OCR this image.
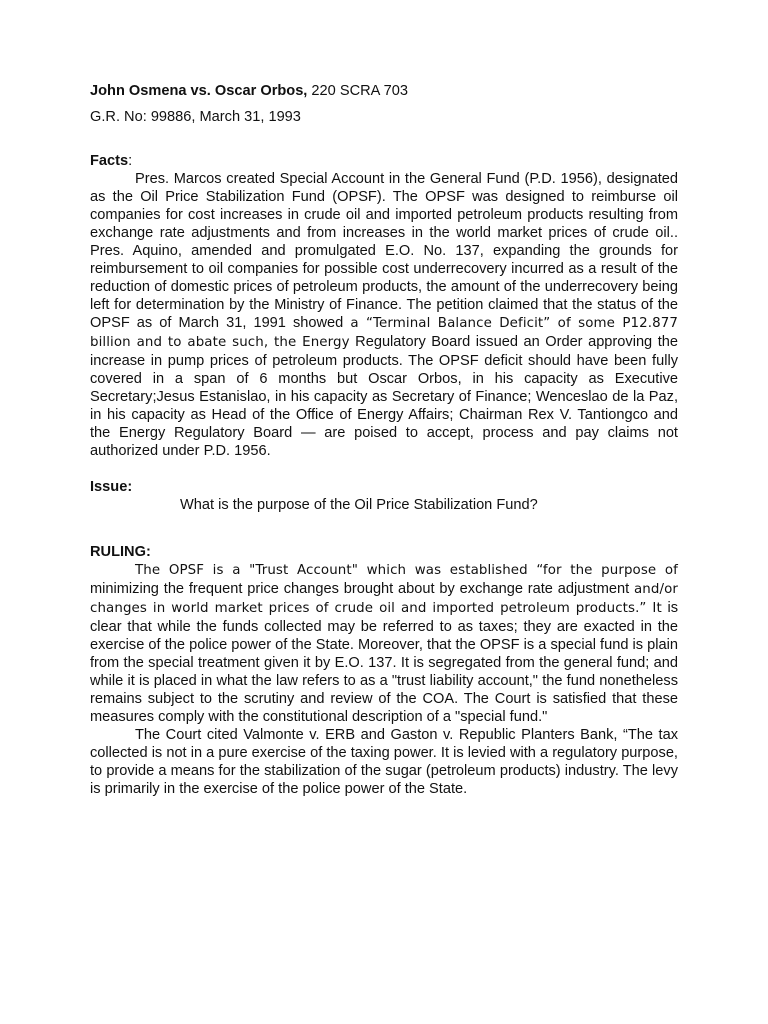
John Osmena vs. Oscar Orbos, 220 SCRA 703

G.R. No: 99886, March 31, 1993

Facts:

Pres. Marcos created Special Account in the General Fund (P.D. 1956), designated as the Oil Price Stabilization Fund (OPSF). The OPSF was designed to reimburse oil companies for cost increases in crude oil and imported petroleum products resulting from exchange rate adjustments and from increases in the world market prices of crude oil.. Pres. Aquino, amended and promulgated E.O. No. 137, expanding the grounds for reimbursement to oil companies for possible cost underrecovery incurred as a result of the reduction of domestic prices of petroleum products, the amount of the underrecovery being left for determination by the Ministry of Finance. The petition claimed that the status of the OPSF as of March 31, 1991 showed a “Terminal Balance Deficit” of some P12.877 billion and to abate such, the Energy Regulatory Board issued an Order approving the increase in pump prices of petroleum products. The OPSF deficit should have been fully covered in a span of 6 months but Oscar Orbos, in his capacity as Executive Secretary;Jesus Estanislao, in his capacity as Secretary of Finance; Wenceslao de la Paz, in his capacity as Head of the Office of Energy Affairs; Chairman Rex V. Tantiongco and the Energy Regulatory Board — are poised to accept, process and pay claims not authorized under P.D. 1956.

Issue:

What is the purpose of the Oil Price Stabilization Fund?

RULING:

The OPSF is a "Trust Account" which was established “for the purpose of minimizing the frequent price changes brought about by exchange rate adjustment and/or changes in world market prices of crude oil and imported petroleum products.” It is clear that while the funds collected may be referred to as taxes; they are exacted in the exercise of the police power of the State. Moreover, that the OPSF is a special fund is plain from the special treatment given it by E.O. 137. It is segregated from the general fund; and while it is placed in what the law refers to as a "trust liability account," the fund nonetheless remains subject to the scrutiny and review of the COA. The Court is satisfied that these measures comply with the constitutional description of a "special fund."

The Court cited Valmonte v. ERB and Gaston v. Republic Planters Bank, “The tax collected is not in a pure exercise of the taxing power. It is levied with a regulatory purpose, to provide a means for the stabilization of the sugar (petroleum products) industry. The levy is primarily in the exercise of the police power of the State.
